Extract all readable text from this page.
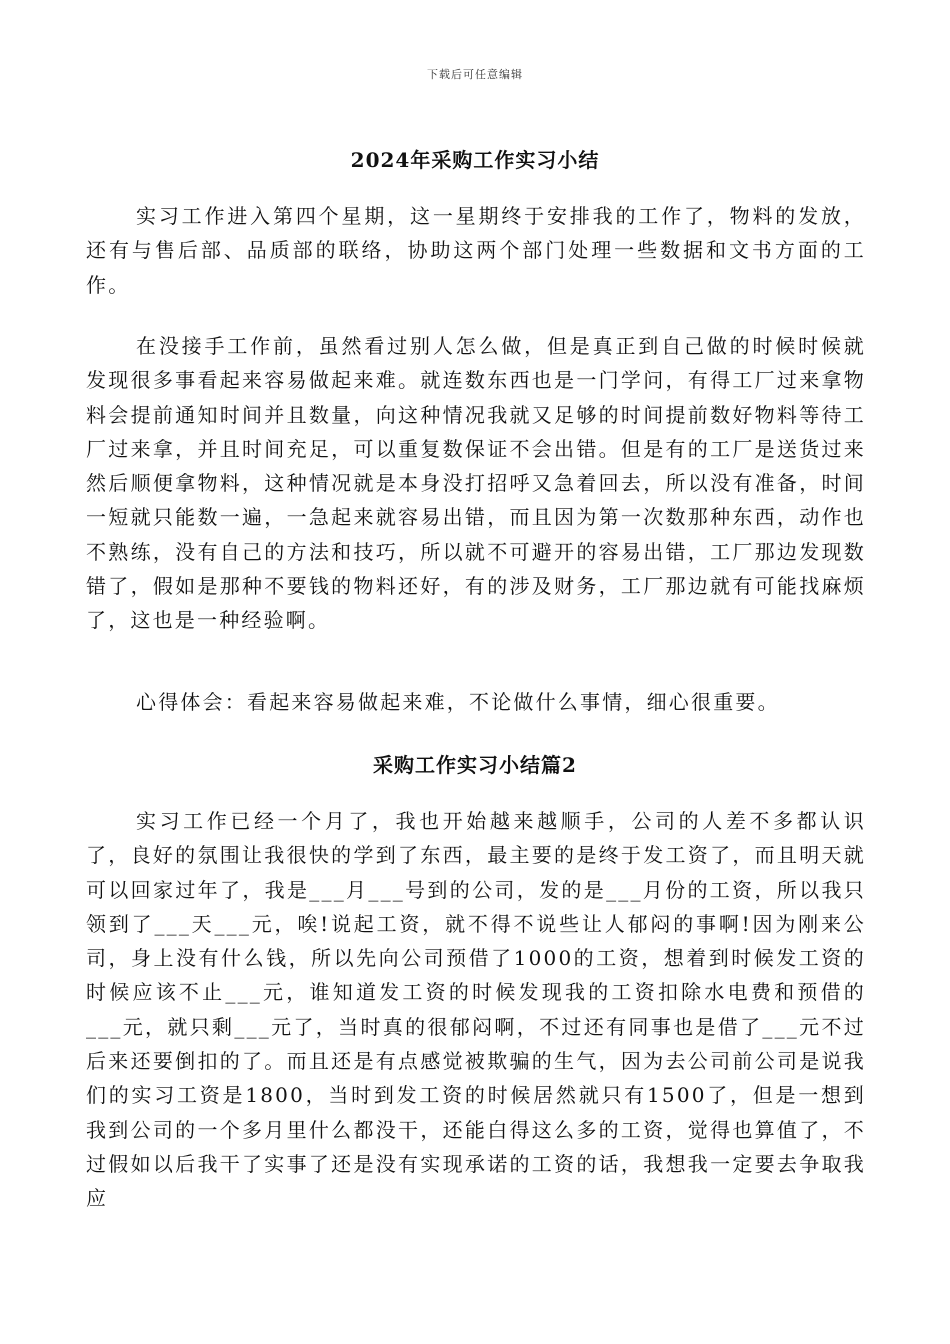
下载后可任意编辑
2024年采购工作实习小结

实习工作进入第四个星期，这一星期终于安排我的工作了，物料的发放，还有与售后部、品质部的联络，协助这两个部门处理一些数据和文书方面的工作。

在没接手工作前，虽然看过别人怎么做，但是真正到自己做的时候时候就发现很多事看起来容易做起来难。就连数东西也是一门学问，有得工厂过来拿物料会提前通知时间并且数量，向这种情况我就又足够的时间提前数好物料等待工厂过来拿，并且时间充足，可以重复数保证不会出错。但是有的工厂是送货过来然后顺便拿物料，这种情况就是本身没打招呼又急着回去，所以没有准备，时间一短就只能数一遍，一急起来就容易出错，而且因为第一次数那种东西，动作也不熟练，没有自己的方法和技巧，所以就不可避开的容易出错，工厂那边发现数错了，假如是那种不要钱的物料还好，有的涉及财务，工厂那边就有可能找麻烦了，这也是一种经验啊。

心得体会：看起来容易做起来难，不论做什么事情，细心很重要。

采购工作实习小结篇2

实习工作已经一个月了，我也开始越来越顺手，公司的人差不多都认识了，良好的氛围让我很快的学到了东西，最主要的是终于发工资了，而且明天就可以回家过年了，我是___月___号到的公司，发的是___月份的工资，所以我只领到了___天___元，唉!说起工资，就不得不说些让人郁闷的事啊!因为刚来公司，身上没有什么钱，所以先向公司预借了1000的工资，想着到时候发工资的时候应该不止___元，谁知道发工资的时候发现我的工资扣除水电费和预借的 ___元，就只剩___元了，当时真的很郁闷啊，不过还有同事也是借了___元不过后来还要倒扣的了。而且还是有点感觉被欺骗的生气，因为去公司前公司是说我们的实习工资是1800，当时到发工资的时候居然就只有1500了，但是一想到我到公司的一个多月里什么都没干，还能白得这么多的工资，觉得也算值了，不过假如以后我干了实事了还是没有实现承诺的工资的话，我想我一定要去争取我应
